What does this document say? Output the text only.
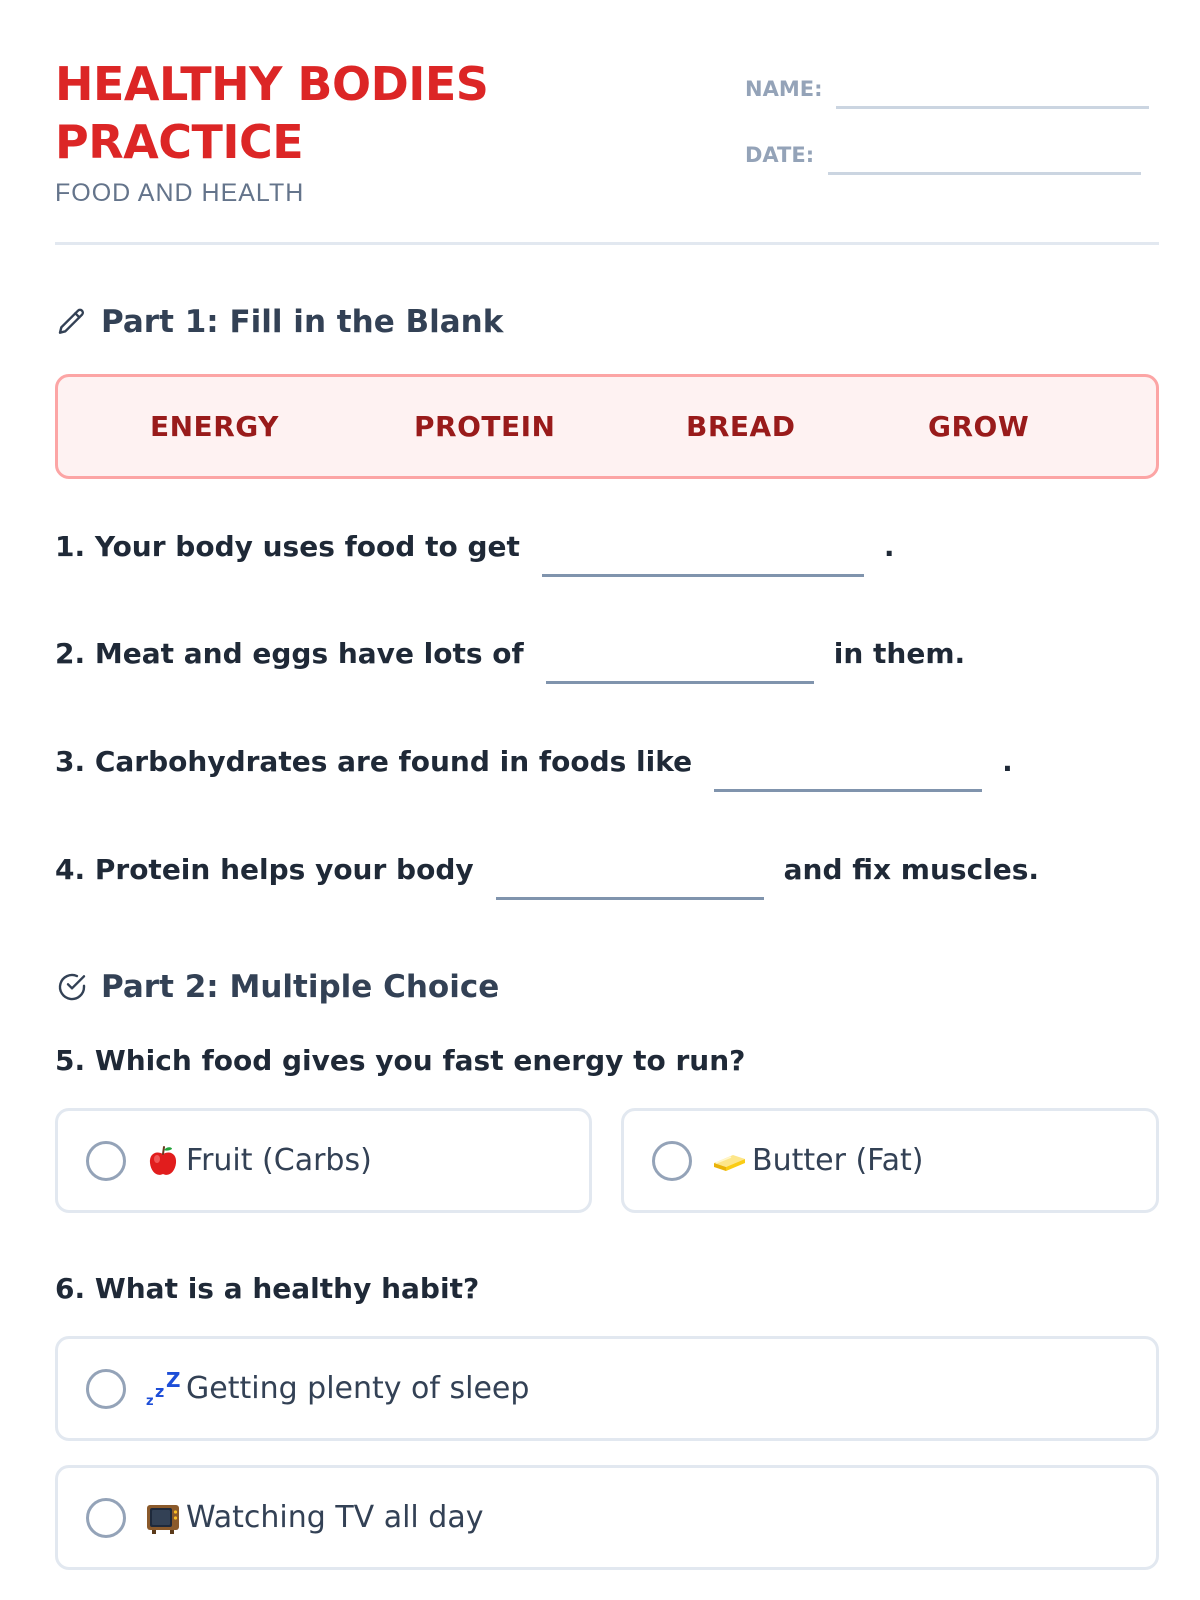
HEALTHY BODIES
PRACTICE
FOOD AND HEALTH
NAME:
DATE:
Part 1: Fill in the Blank
ENERGY	PROTEIN	BREAD	GROW
1. Your body uses food to get	.
2. Meat and eggs have lots of	in them.
3. Carbohydrates are found in foods like	.
4. Protein helps your body	and fix muscles.
Part 2: Multiple Choice
5. Which food gives you fast energy to run?
Fruit (Carbs)	Butter (Fat)
6. What is a healthy habit?
z
z Z Getting plenty of sleep
Watching TV all day
